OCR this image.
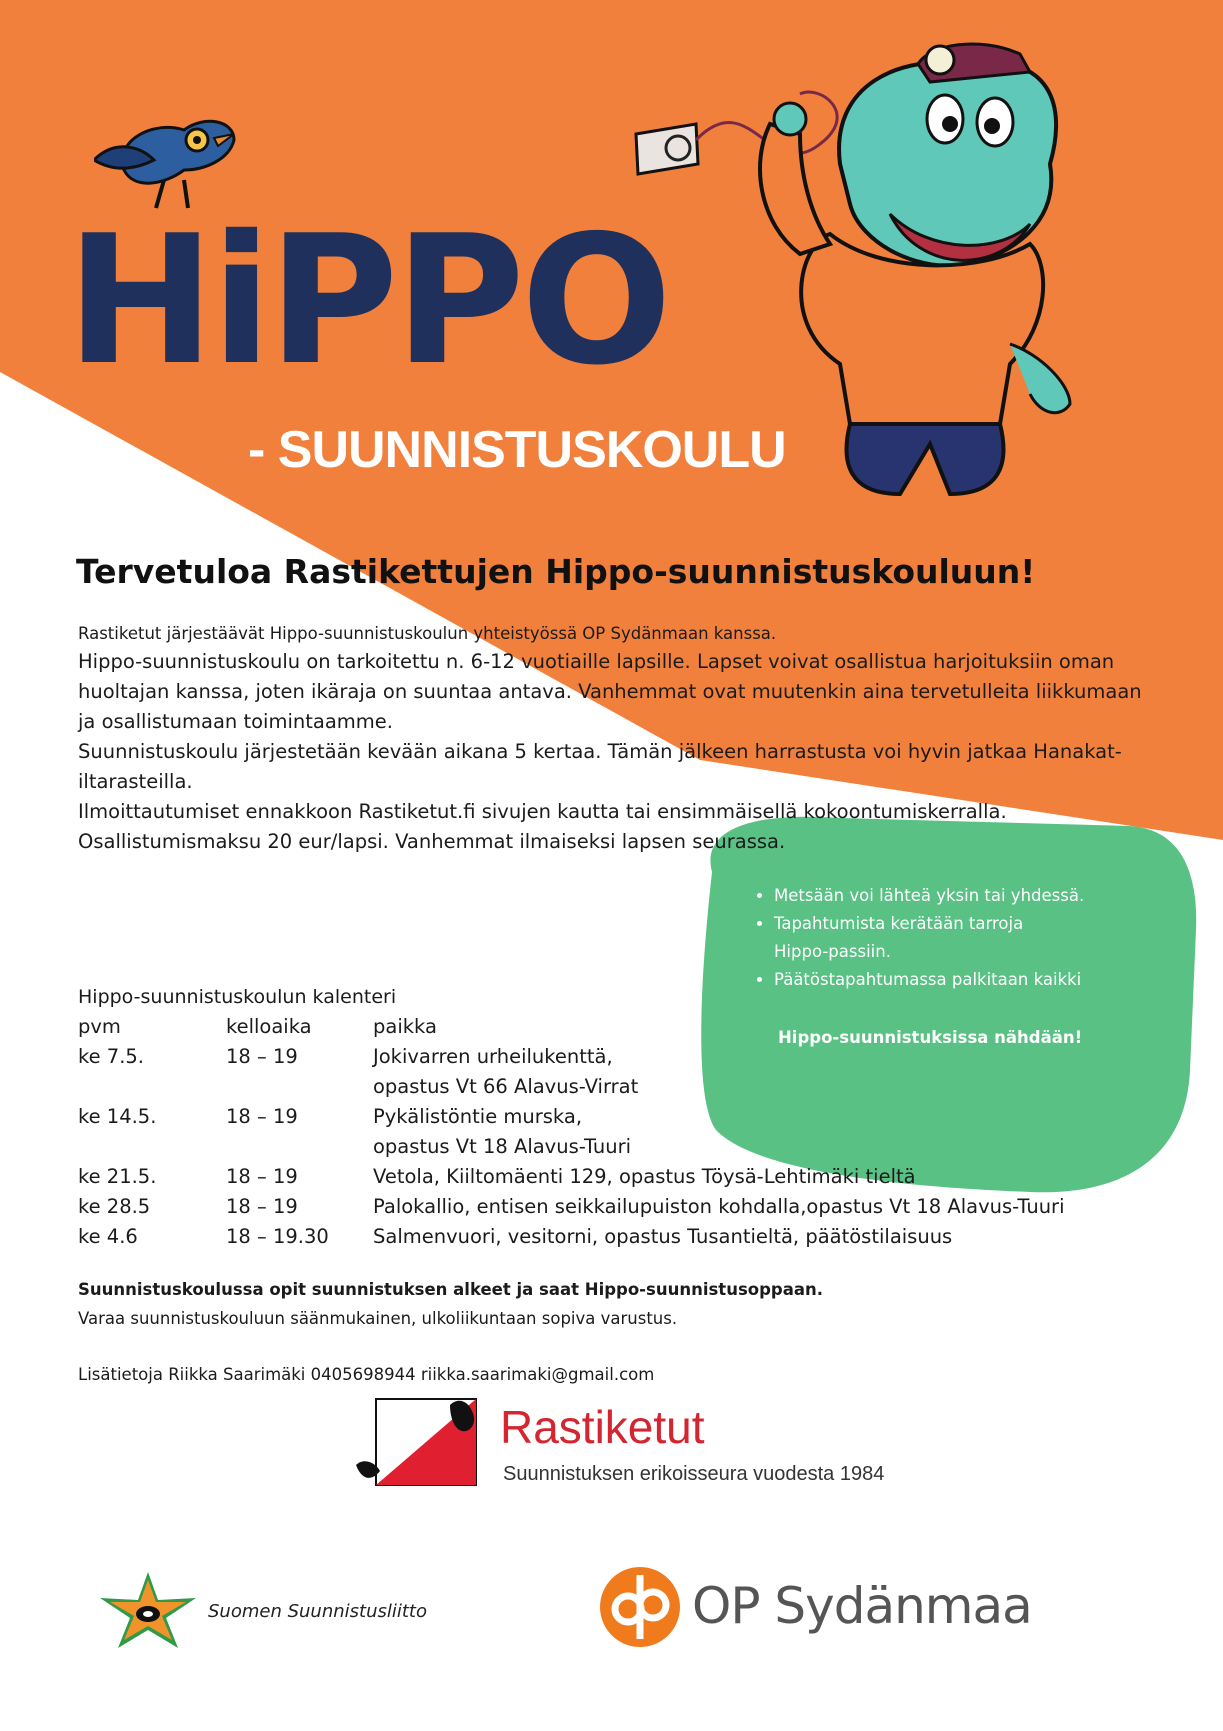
HiPPO
- SUUNNISTUSKOULU
Tervetuloa Rastikettujen Hippo-suunnistuskouluun!

Rastiketut järjestäävät Hippo-suunnistuskoulun yhteistyössä OP Sydänmaan kanssa.

Hippo-suunnistuskoulu on tarkoitettu n. 6-12 vuotiaille lapsille. Lapset voivat osallistua harjoituksiin oman huoltajan kanssa, joten ikäraja on suuntaa antava. Vanhemmat ovat muutenkin aina tervetulleita liikkumaan ja osallistumaan toimintaamme.

Suunnistuskoulu järjestetään kevään aikana 5 kertaa. Tämän jälkeen harrastusta voi hyvin jatkaa Hanakat-iltarasteilla.

Ilmoittautumiset ennakkoon Rastiketut.fi sivujen kautta tai ensimmäisellä kokoontumiskerralla.

Osallistumismaksu 20 eur/lapsi. Vanhemmat ilmaiseksi lapsen seurassa.

• Metsään voi lähteä yksin tai yhdessä.
• Tapahtumista kerätään tarroja Hippo-passiin.
• Päätöstapahtumassa palkitaan kaikki
Hippo-suunnistuksissa nähdään!
Hippo-suunnistuskoulun kalenteri
pvm	kelloaika	paikka
ke 7.5.	18 – 19	Jokivarren urheilukenttä,
opastus Vt 66 Alavus-Virrat

ke 14.5.	18 – 19	Pykälistöntie murska,
opastus Vt 18 Alavus-Tuuri

ke 21.5.	18 – 19	Vetola, Kiiltomäenti 129, opastus Töysä-Lehtimäki tieltä
ke 28.5	18 – 19	Palokallio, entisen seikkailupuiston kohdalla,opastus Vt 18 Alavus-Tuuri
ke 4.6	18 – 19.30	Salmenvuori, vesitorni, opastus Tusantieltä, päätöstilaisuus
Suunnistuskoulussa opit suunnistuksen alkeet ja saat Hippo-suunnistusoppaan.
Varaa suunnistuskouluun säänmukainen, ulkoliikuntaan sopiva varustus.
Lisätietoja Riikka Saarimäki 0405698944 riikka.saarimaki@gmail.com
Rastiketut
Suunnistuksen erikoisseura vuodesta 1984
Suomen Suunnistusliitto	OP Sydänmaa
